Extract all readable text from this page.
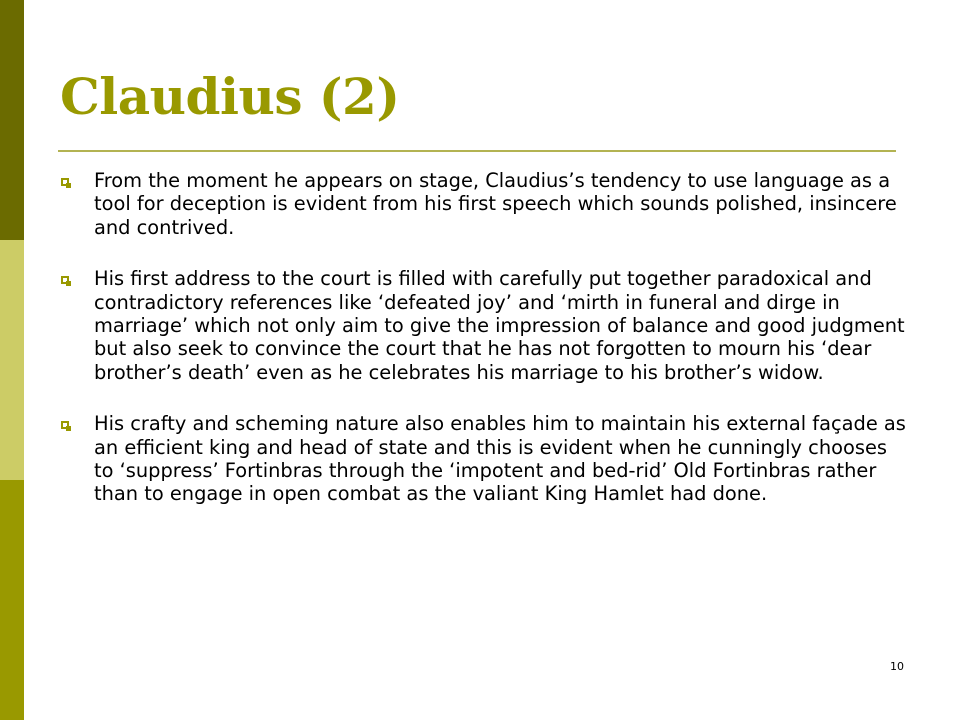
Claudius (2)
From the moment he appears on stage, Claudius’s tendency to use language as a tool for deception is evident from his first speech which sounds polished, insincere and contrived.
His first address to the court is filled with carefully put together paradoxical and contradictory references like ‘defeated joy’ and ‘mirth in funeral and dirge in marriage’ which not only aim to give the impression of balance and good judgment but also seek to convince the court that he has not forgotten to mourn his ‘dear brother’s death’ even as he celebrates his marriage to his brother’s widow.
His crafty and scheming nature also enables him to maintain his external façade as an efficient king and head of state and this is evident when he cunningly chooses to ‘suppress’ Fortinbras through the ‘impotent and bed-rid’ Old Fortinbras rather than to engage in open combat as the valiant King Hamlet had done.
10
